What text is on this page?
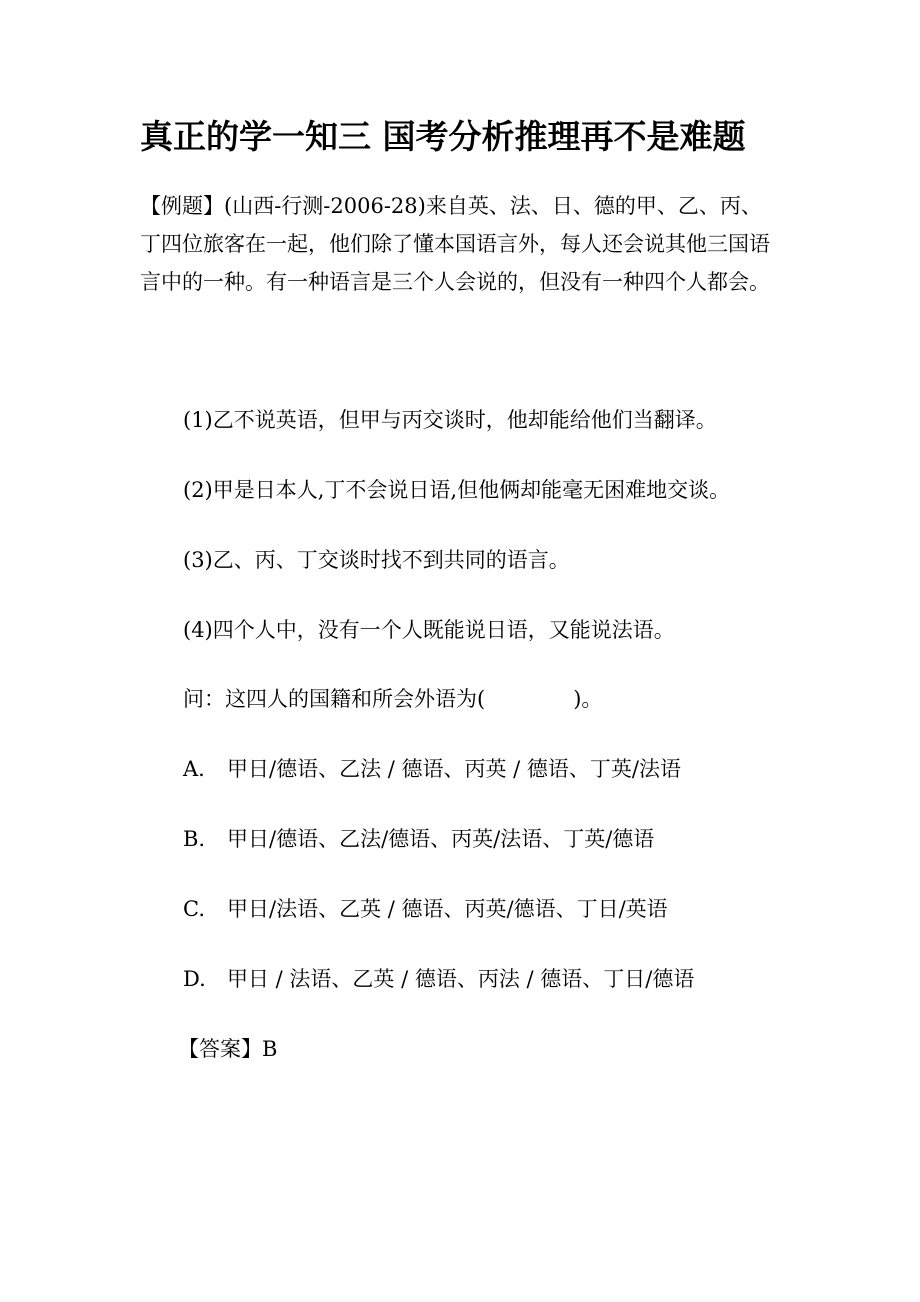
真正的学一知三 国考分析推理再不是难题

【例题】(山西-行测-2006-28)来自英、法、日、德的甲、乙、丙、

丁四位旅客在一起，他们除了懂本国语言外，每人还会说其他三国语

言中的一种。有一种语言是三个人会说的，但没有一种四个人都会。

(1)乙不说英语，但甲与丙交谈时，他却能给他们当翻译。

(2)甲是日本人,丁不会说日语,但他俩却能毫无困难地交谈。

(3)乙、丙、丁交谈时找不到共同的语言。

(4)四个人中，没有一个人既能说日语，又能说法语。

问：这四人的国籍和所会外语为(	)。

A. 甲日/德语、乙法 / 德语、丙英 / 德语、丁英/法语

B. 甲日/德语、乙法/德语、丙英/法语、丁英/德语

C. 甲日/法语、乙英 / 德语、丙英/德语、丁日/英语

D. 甲日 / 法语、乙英 / 德语、丙法 / 德语、丁日/德语

【答案】B
